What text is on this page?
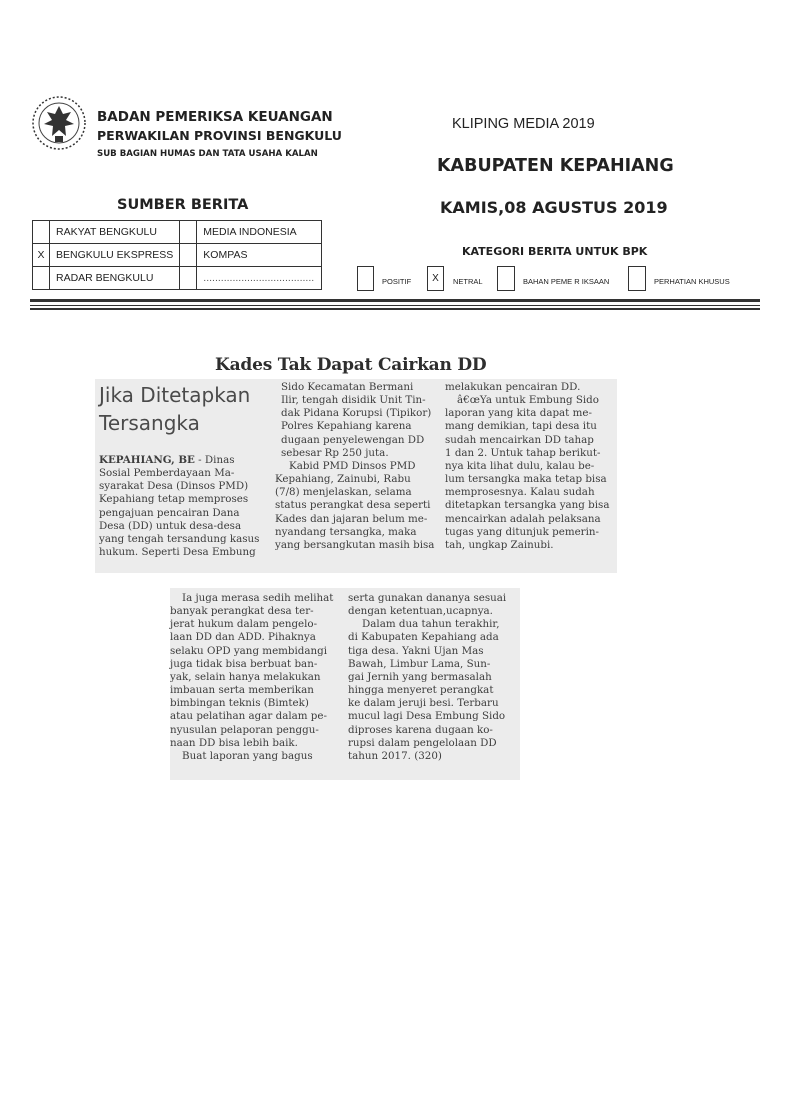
BADAN PEMERIKSA KEUANGAN
PERWAKILAN PROVINSI BENGKULU
SUB BAGIAN HUMAS DAN TATA USAHA KALAN
KLIPING MEDIA 2019
KABUPATEN KEPAHIANG
KAMIS,08 AGUSTUS 2019
SUMBER BERITA
	RAKYAT BENGKULU		MEDIA INDONESIA
X	BENGKULU EKSPRESS		KOMPAS
	RADAR BENGKULU		......................................
KATEGORI BERITA UNTUK BPK
POSITIF	X	NETRAL	BAHAN PEME R IKSAAN	PERHATIAN KHUSUS
Kades Tak Dapat Cairkan DD
Jika Ditetapkan
Tersangka
KEPAHIANG, BE - Dinas
Sosial Pemberdayaan Ma-
syarakat Desa (Dinsos PMD)
Kepahiang tetap memproses
pengajuan pencairan Dana
Desa (DD) untuk desa-desa
yang tengah tersandung kasus
hukum. Seperti Desa Embung
Sido Kecamatan Bermani
Ilir, tengah disidik Unit Tin-
dak Pidana Korupsi (Tipikor)
Polres Kepahiang karena
dugaan penyelewengan DD
sebesar Rp 250 juta.
Kabid PMD Dinsos PMD
Kepahiang, Zainubi, Rabu
(7/8) menjelaskan, selama
status perangkat desa seperti
Kades dan jajaran belum me-
nyandang tersangka, maka
yang bersangkutan masih bisa
melakukan pencairan DD.
â€œYa untuk Embung Sido
laporan yang kita dapat me-
mang demikian, tapi desa itu
sudah mencairkan DD tahap
1 dan 2. Untuk tahap berikut-
nya kita lihat dulu, kalau be-
lum tersangka maka tetap bisa
memprosesnya. Kalau sudah
ditetapkan tersangka yang bisa
mencairkan adalah pelaksana
tugas yang ditunjuk pemerin-
tah, ungkap Zainubi.
Ia juga merasa sedih melihat
banyak perangkat desa ter-
jerat hukum dalam pengelo-
laan DD dan ADD. Pihaknya
selaku OPD yang membidangi
juga tidak bisa berbuat ban-
yak, selain hanya melakukan
imbauan serta memberikan
bimbingan teknis (Bimtek)
atau pelatihan agar dalam pe-
nyusulan pelaporan penggu-
naan DD bisa lebih baik.
Buat laporan yang bagus
serta gunakan dananya sesuai
dengan ketentuan,ucapnya.
Dalam dua tahun terakhir,
di Kabupaten Kepahiang ada
tiga desa. Yakni Ujan Mas
Bawah, Limbur Lama, Sun-
gai Jernih yang bermasalah
hingga menyeret perangkat
ke dalam jeruji besi. Terbaru
mucul lagi Desa Embung Sido
diproses karena dugaan ko-
rupsi dalam pengelolaan DD
tahun 2017. (320)
